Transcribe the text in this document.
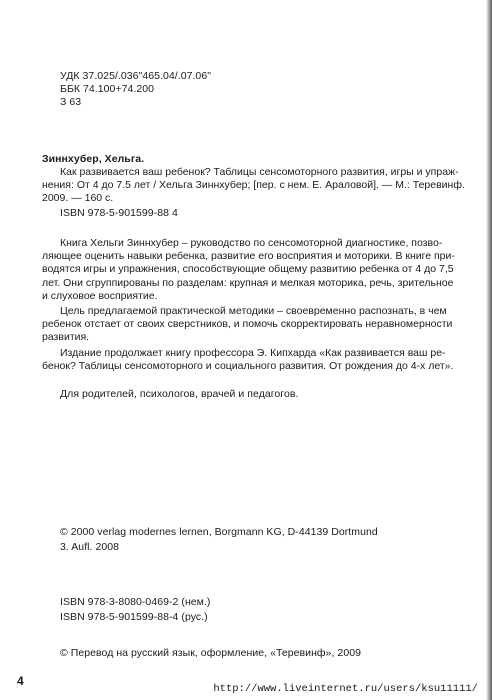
УДК 37.025/.036"465.04/.07.06"
ББК 74.100+74.200
З 63
Зиннхубер, Хельга.
Как развивается ваш ребенок? Таблицы сенсомоторного развития, игры и упраж-
нения: От 4 до 7.5 лет / Хельга Зиннхубер; [пер. с нем. Е. Араловой]. — М.: Теревинф.
2009. — 160 с.
ISBN 978-5-901599-88 4
Книга Хельги Зиннхубер – руководство по сенсомоторной диагностике, позво-
ляющее оценить навыки ребенка, развитие его восприятия и моторики. В книге при-
водятся игры и упражнения, способствующие общему развитию ребенка от 4 до 7,5
лет. Они сгруппированы по разделам: крупная и мелкая моторика, речь, зрительное
и слуховое восприятие.
Цель предлагаемой практической методики – своевременно распознать, в чем
ребенок отстает от своих сверстников, и помочь скорректировать неравномерности
развития.
Издание продолжает книгу профессора Э. Кипхарда «Как развивается ваш ре-
бенок? Таблицы сенсомоторного и социального развития. От рождения до 4-х лет».
Для родителей, психологов, врачей и педагогов.
© 2000 verlag modernes lernen, Borgmann KG, D-44139 Dortmund
3. Aufl. 2008
ISBN 978-3-8080-0469-2 (нем.)
ISBN 978-5-901599-88-4 (рус.)
© Перевод на русский язык, оформление, «Теревинф», 2009
4
http://www.liveinternet.ru/users/ksu11111/
